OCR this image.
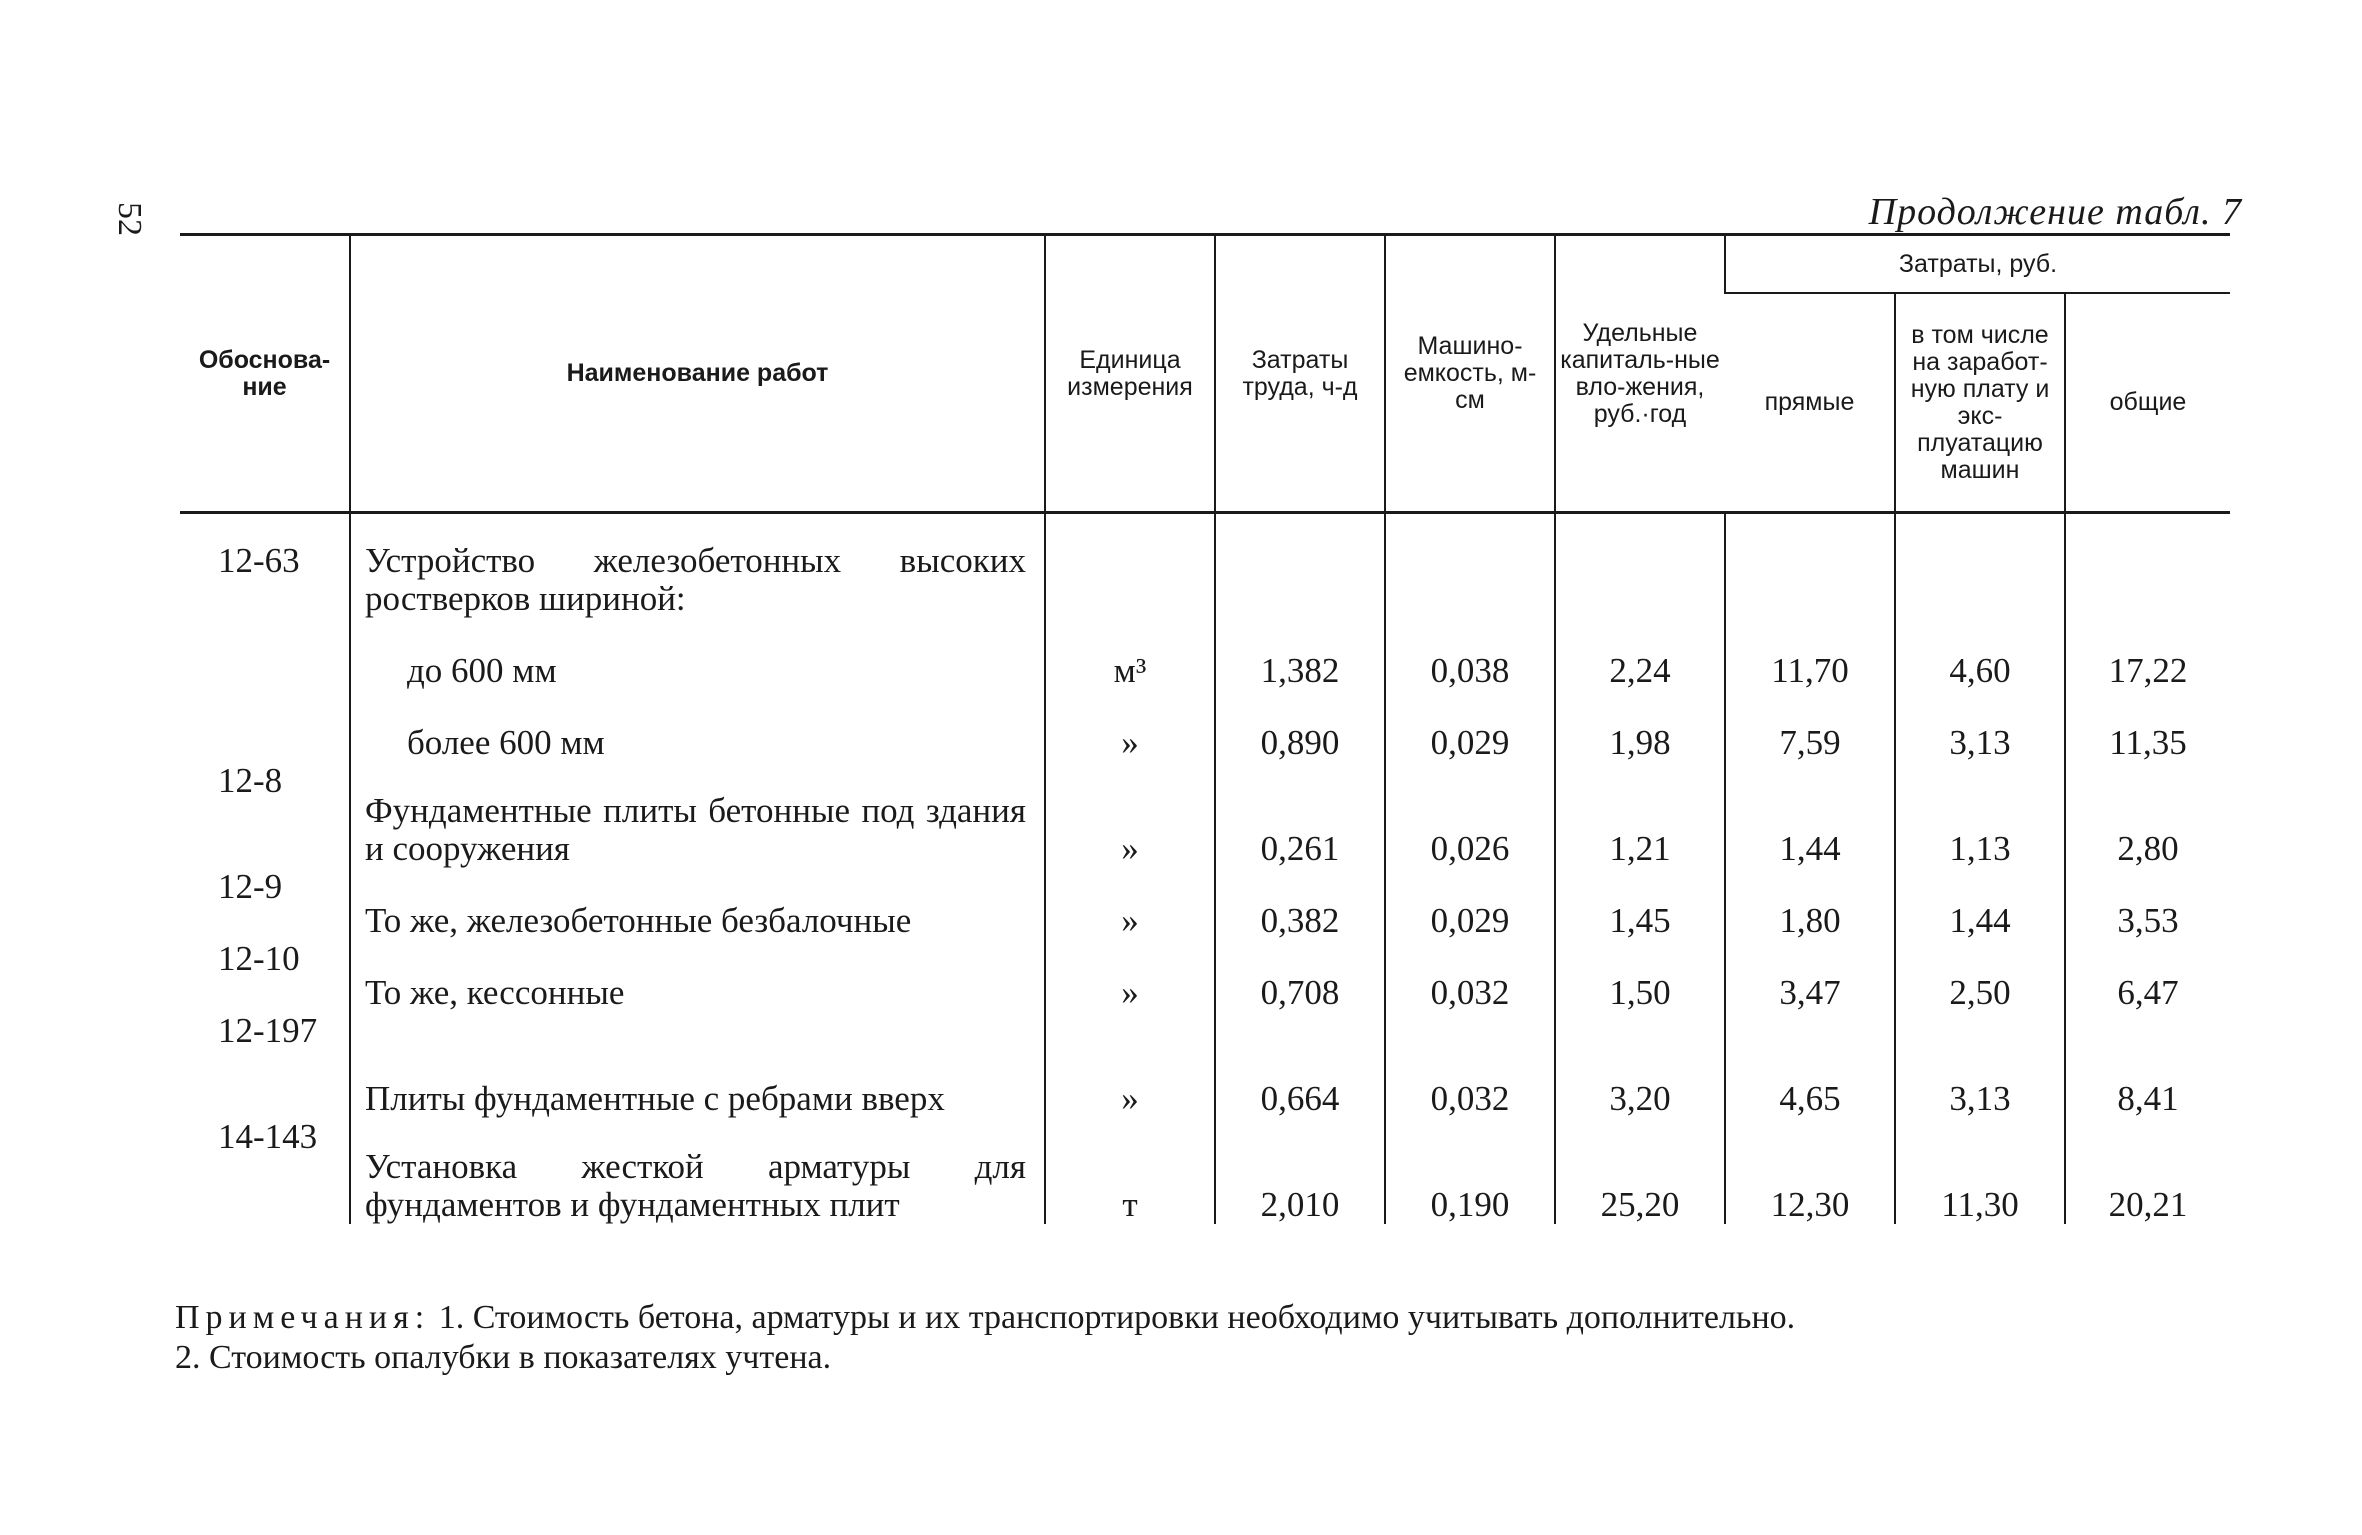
52	Продолжение табл. 7
Обоснова-ние	Наименование работ	Единица измерения	Затраты труда, ч-д	Машино-емкость, м-см	Удельные капиталь-ные вло-жения, руб.·год	Затраты, руб.		
						прямые	в том числе на заработ-ную плату и экс-плуатацию машин	общие
12-63	Устройство железобетонных высоких ростверков шириной:							
	до 600 мм	м³	1,382	0,038	2,24	11,70	4,60	17,22
	более 600 мм	»	0,890	0,029	1,98	7,59	3,13	11,35
12-8	Фундаментные плиты бетонные под здания и сооружения	»	0,261	0,026	1,21	1,44	1,13	2,80
12-9	То же, железобетонные безбалочные	»	0,382	0,029	1,45	1,80	1,44	3,53
12-10	То же, кессонные	»	0,708	0,032	1,50	3,47	2,50	6,47
12-197	Плиты фундаментные с ребрами вверх	»	0,664	0,032	3,20	4,65	3,13	8,41
14-143	Установка жесткой арматуры для фундаментов и фундаментных плит	т	2,010	0,190	25,20	12,30	11,30	20,21
Примечания: 1. Стоимость бетона, арматуры и их транспортировки необходимо учитывать дополнительно.
2. Стоимость опалубки в показателях учтена.
